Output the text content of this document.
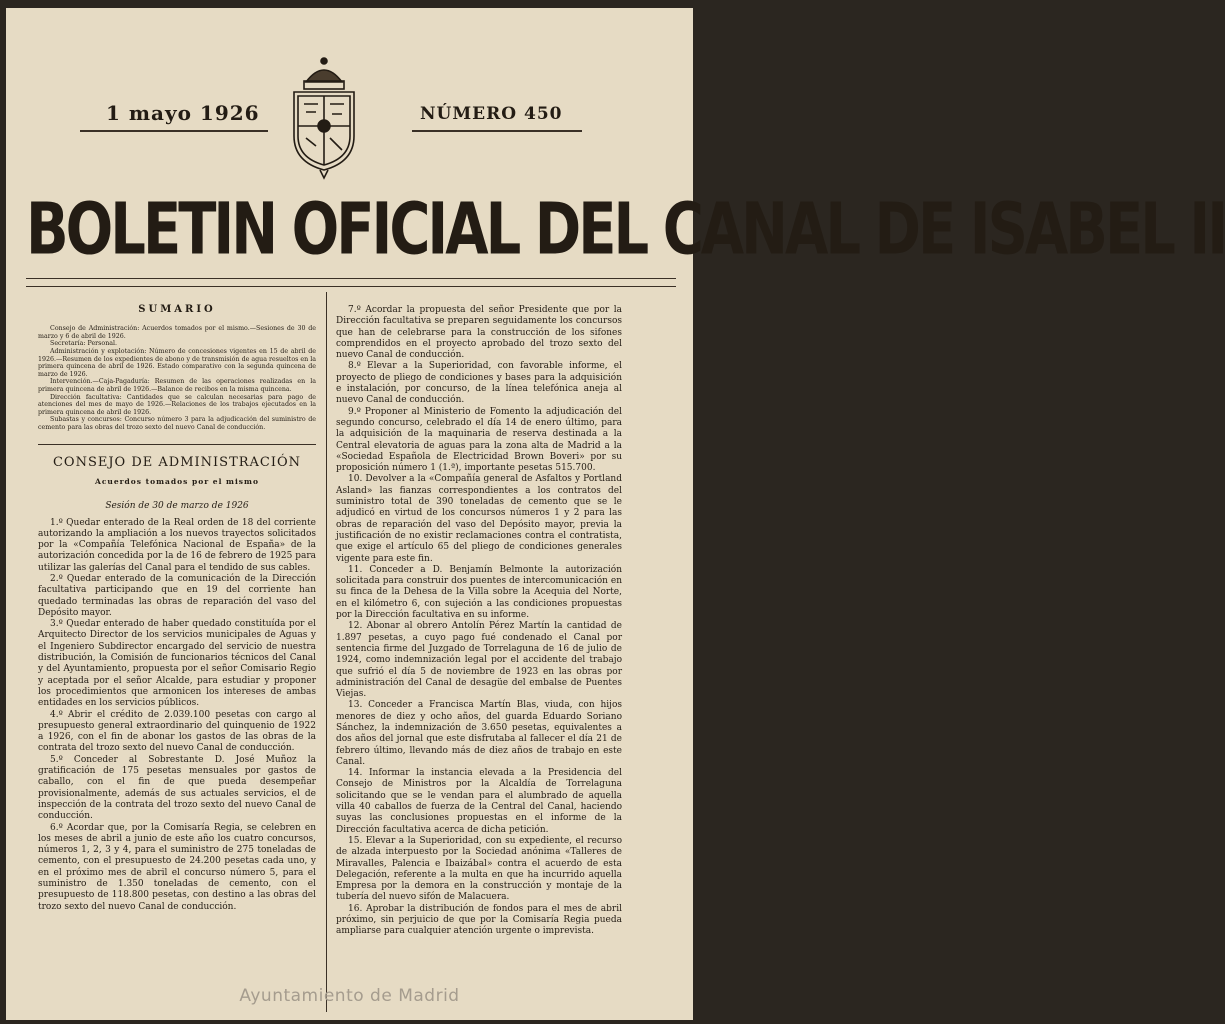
1 mayo 1926	NÚMERO 450
BOLETIN OFICIAL DEL CANAL DE ISABEL II
SUMARIO

Consejo de Administración: Acuerdos tomados por el mismo.—Sesiones de 30 de marzo y 6 de abril de 1926.

Secretaría: Personal.

Administración y explotación: Número de concesiones vigentes en 15 de abril de 1926.—Resumen de los expedientes de abono y de transmisión de agua resueltos en la primera quincena de abril de 1926. Estado comparativo con la segunda quincena de marzo de 1926.

Intervención.—Caja-Pagaduría: Resumen de las operaciones realizadas en la primera quincena de abril de 1926.—Balance de recibos en la misma quincena.

Dirección facultativa: Cantidades que se calculan necesarias para pago de atenciones del mes de mayo de 1926.—Relaciones de los trabajos ejecutados en la primera quincena de abril de 1926.

Subastas y concursos: Concurso número 3 para la adjudicación del suministro de cemento para las obras del trozo sexto del nuevo Canal de conducción.

CONSEJO DE ADMINISTRACIÓN
Acuerdos tomados por el mismo
Sesión de 30 de marzo de 1926

1.º Quedar enterado de la Real orden de 18 del corriente autorizando la ampliación a los nuevos trayectos solicitados por la «Compañía Telefónica Nacional de España» de la autorización concedida por la de 16 de febrero de 1925 para utilizar las galerías del Canal para el tendido de sus cables.

2.º Quedar enterado de la comunicación de la Dirección facultativa participando que en 19 del corriente han quedado terminadas las obras de reparación del vaso del Depósito mayor.

3.º Quedar enterado de haber quedado constituída por el Arquitecto Director de los servicios municipales de Aguas y el Ingeniero Subdirector encargado del servicio de nuestra distribución, la Comisión de funcionarios técnicos del Canal y del Ayuntamiento, propuesta por el señor Comisario Regio y aceptada por el señor Alcalde, para estudiar y proponer los procedimientos que armonicen los intereses de ambas entidades en los servicios públicos.

4.º Abrir el crédito de 2.039.100 pesetas con cargo al presupuesto general extraordinario del quinquenio de 1922 a 1926, con el fin de abonar los gastos de las obras de la contrata del trozo sexto del nuevo Canal de conducción.

5.º Conceder al Sobrestante D. José Muñoz la gratificación de 175 pesetas mensuales por gastos de caballo, con el fin de que pueda desempeñar provisionalmente, además de sus actuales servicios, el de inspección de la contrata del trozo sexto del nuevo Canal de conducción.

6.º Acordar que, por la Comisaría Regia, se celebren en los meses de abril a junio de este año los cuatro concursos, números 1, 2, 3 y 4, para el suministro de 275 toneladas de cemento, con el presupuesto de 24.200 pesetas cada uno, y en el próximo mes de abril el concurso número 5, para el suministro de 1.350 toneladas de cemento, con el presupuesto de 118.800 pesetas, con destino a las obras del trozo sexto del nuevo Canal de conducción.

7.º Acordar la propuesta del señor Presidente que por la Dirección facultativa se preparen seguidamente los concursos que han de celebrarse para la construcción de los sifones comprendidos en el proyecto aprobado del trozo sexto del nuevo Canal de conducción.

8.º Elevar a la Superioridad, con favorable informe, el proyecto de pliego de condiciones y bases para la adquisición e instalación, por concurso, de la línea telefónica aneja al nuevo Canal de conducción.

9.º Proponer al Ministerio de Fomento la adjudicación del segundo concurso, celebrado el día 14 de enero último, para la adquisición de la maquinaria de reserva destinada a la Central elevatoria de aguas para la zona alta de Madrid a la «Sociedad Española de Electricidad Brown Boveri» por su proposición número 1 (1.ª), importante pesetas 515.700.

10. Devolver a la «Compañía general de Asfaltos y Portland Asland» las fianzas correspondientes a los contratos del suministro total de 390 toneladas de cemento que se le adjudicó en virtud de los concursos números 1 y 2 para las obras de reparación del vaso del Depósito mayor, previa la justificación de no existir reclamaciones contra el contratista, que exige el artículo 65 del pliego de condiciones generales vigente para este fin.

11. Conceder a D. Benjamín Belmonte la autorización solicitada para construir dos puentes de intercomunicación en su finca de la Dehesa de la Villa sobre la Acequia del Norte, en el kilómetro 6, con sujeción a las condiciones propuestas por la Dirección facultativa en su informe.

12. Abonar al obrero Antolín Pérez Martín la cantidad de 1.897 pesetas, a cuyo pago fué condenado el Canal por sentencia firme del Juzgado de Torrelaguna de 16 de julio de 1924, como indemnización legal por el accidente del trabajo que sufrió el día 5 de noviembre de 1923 en las obras por administración del Canal de desagüe del embalse de Puentes Viejas.

13. Conceder a Francisca Martín Blas, viuda, con hijos menores de diez y ocho años, del guarda Eduardo Soriano Sánchez, la indemnización de 3.650 pesetas, equivalentes a dos años del jornal que este disfrutaba al fallecer el día 21 de febrero último, llevando más de diez años de trabajo en este Canal.

14. Informar la instancia elevada a la Presidencia del Consejo de Ministros por la Alcaldía de Torrelaguna solicitando que se le vendan para el alumbrado de aquella villa 40 caballos de fuerza de la Central del Canal, haciendo suyas las conclusiones propuestas en el informe de la Dirección facultativa acerca de dicha petición.

15. Elevar a la Superioridad, con su expediente, el recurso de alzada interpuesto por la Sociedad anónima «Talleres de Miravalles, Palencia e Ibaizábal» contra el acuerdo de esta Delegación, referente a la multa en que ha incurrido aquella Empresa por la demora en la construcción y montaje de la tubería del nuevo sifón de Malacuera.

16. Aprobar la distribución de fondos para el mes de abril próximo, sin perjuicio de que por la Comisaría Regia pueda ampliarse para cualquier atención urgente o imprevista.

Ayuntamiento de Madrid
